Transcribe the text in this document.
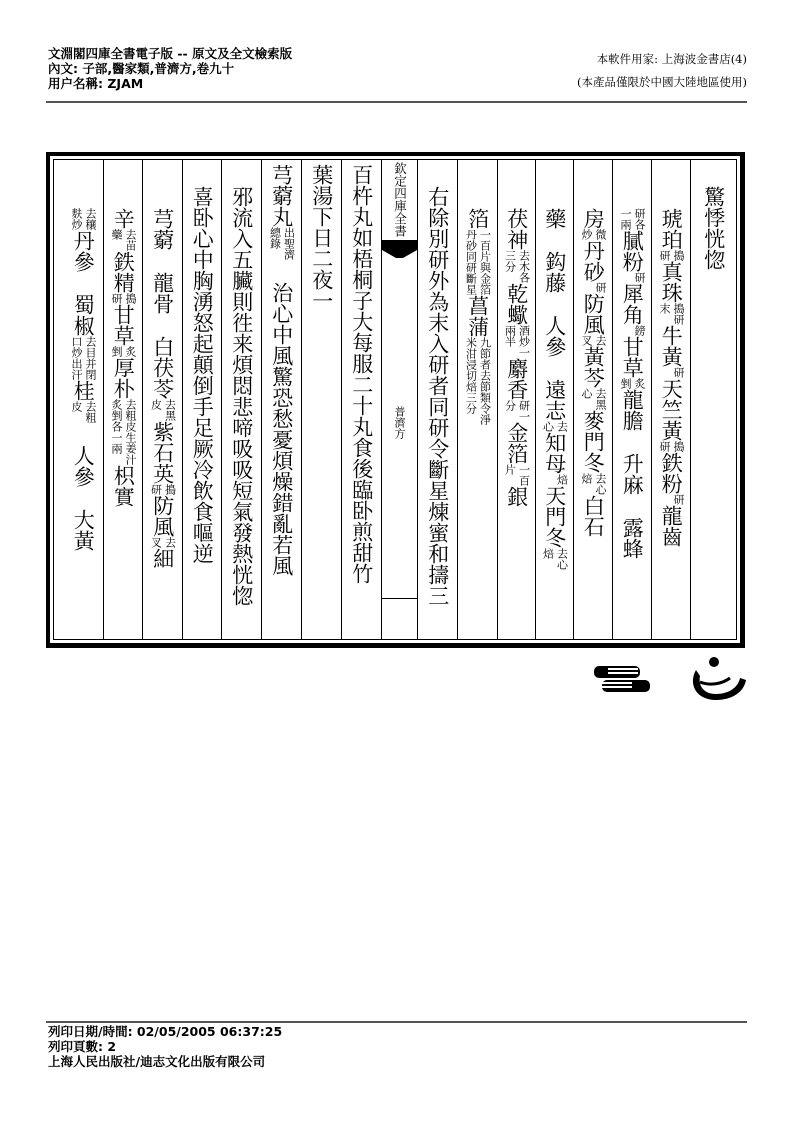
文淵閣四庫全書電子版 -- 原文及全文檢索版
內文: 子部,醫家類,普濟方,卷九十
用户名稱: ZJAM
本軟件用家: 上海波金書店(4)
(本產品僅限於中國大陸地區使用)
驚悸恍惚
琥珀
搗
研
真珠
搗研
末
牛黃
研
天竺黃
搗
研
鉄粉
研
龍齒
研各
一兩
膩粉
研
犀角
鎊
甘草
炙
剉
龍膽
升麻
露蜂
房
微
炒
丹砂
研
防風
去
叉
黃芩
去黑
心
麥門冬
去心
焙
白石
藥
鈎藤
人參
遠志
去
心
知母
焙
天門冬
去心
焙
茯神
去木各
三分
乾蠍
酒炒一
兩半
麝香
研一
分
金箔
一百
片
銀
箔
一百片與金箔
丹砂同研斷星
菖蒲
九節者去節類令淨
米泔浸切焙三分
右除別研外為末入研者同研令斷星煉蜜和擣三
欽定四庫全書
普濟方
百杵丸如梧桐子大每服二十丸食後臨卧煎甜竹
葉湯下日二夜一
芎藭丸
出聖濟
總錄
治心中風驚恐愁憂煩燥錯亂若風
邪流入五臟則徃来煩悶悲啼吸吸短氣發熱恍惚
喜卧心中胸湧怒起顛倒手足厥冷飲食嘔逆
芎藭
龍骨
白茯苓
去黑
皮
紫石英
搗
研
防風
去
叉
細
辛
去苗
藥
鉄精
搗
研
甘草
炙
剉
厚朴
去粗皮生姜汁
炙剉各一兩
枳實
去穰
麩炒
丹參
蜀椒
去目并閉
口炒出汗
桂
去粗
皮
人參
大黃
列印日期/時間: 02/05/2005 06:37:25
列印頁數: 2
上海人民出版社/迪志文化出版有限公司
